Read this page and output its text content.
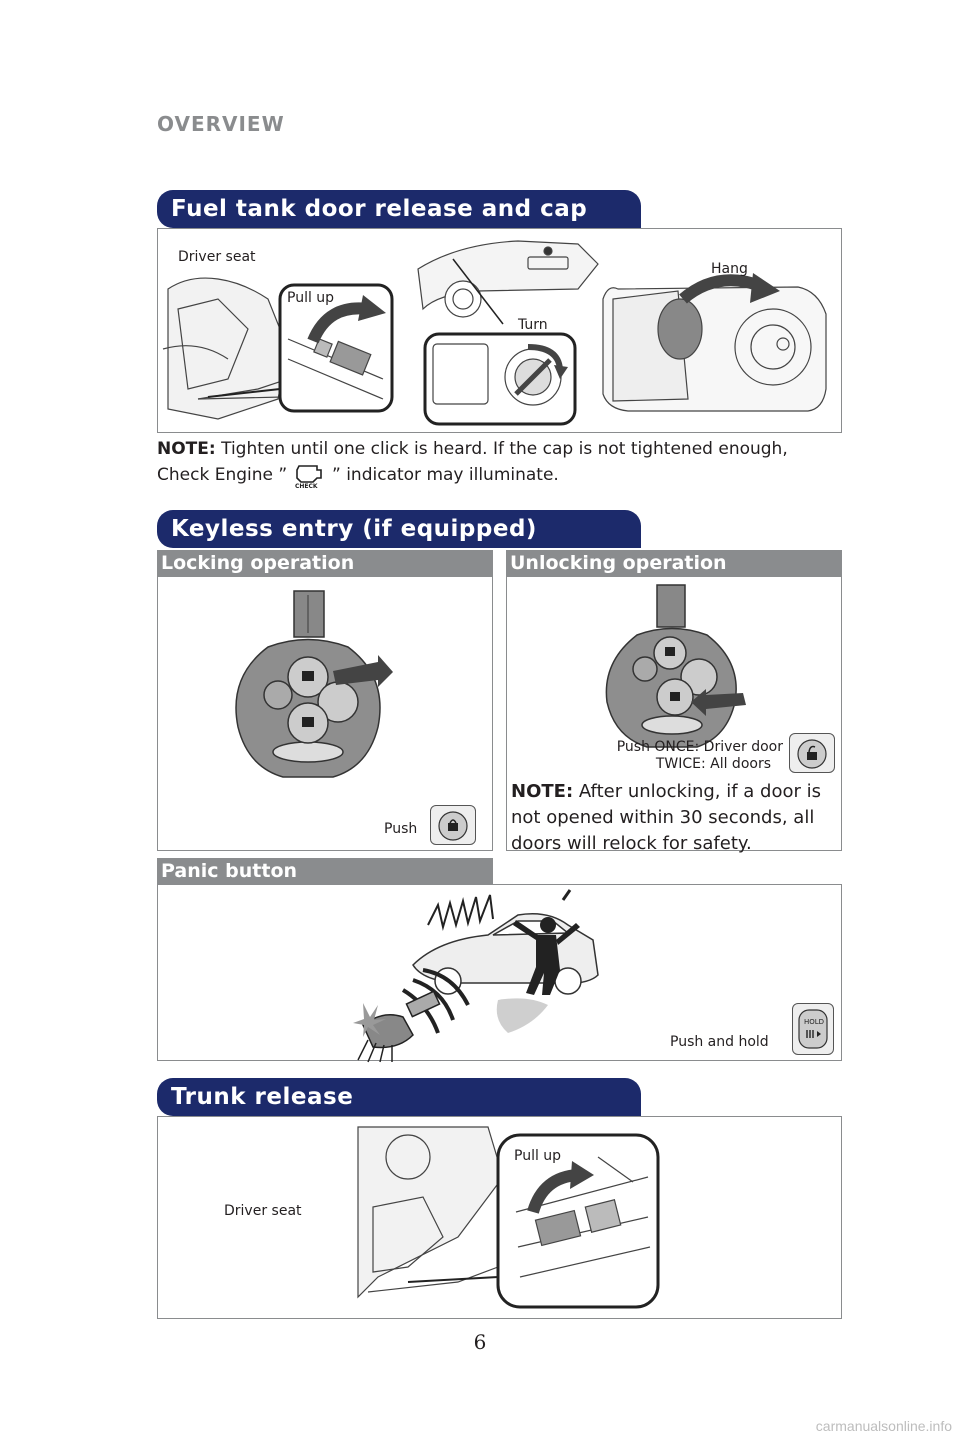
OVERVIEW
Fuel tank door release and cap
Driver seat
Pull up
Turn
Hang
NOTE: Tighten until one click is heard. If the cap is not tightened enough,
Check Engine ”
CHECK
” indicator may illuminate.
Keyless entry (if equipped)
Locking operation	Unlocking operation
Push
Push ONCE: Driver door
TWICE: All doors
NOTE: After unlocking, if a door is
not opened within 30 seconds, all
doors will relock for safety.
Panic button
Push and hold
HOLD
Trunk release
Driver seat
Pull up
6
carmanualsonline.info
